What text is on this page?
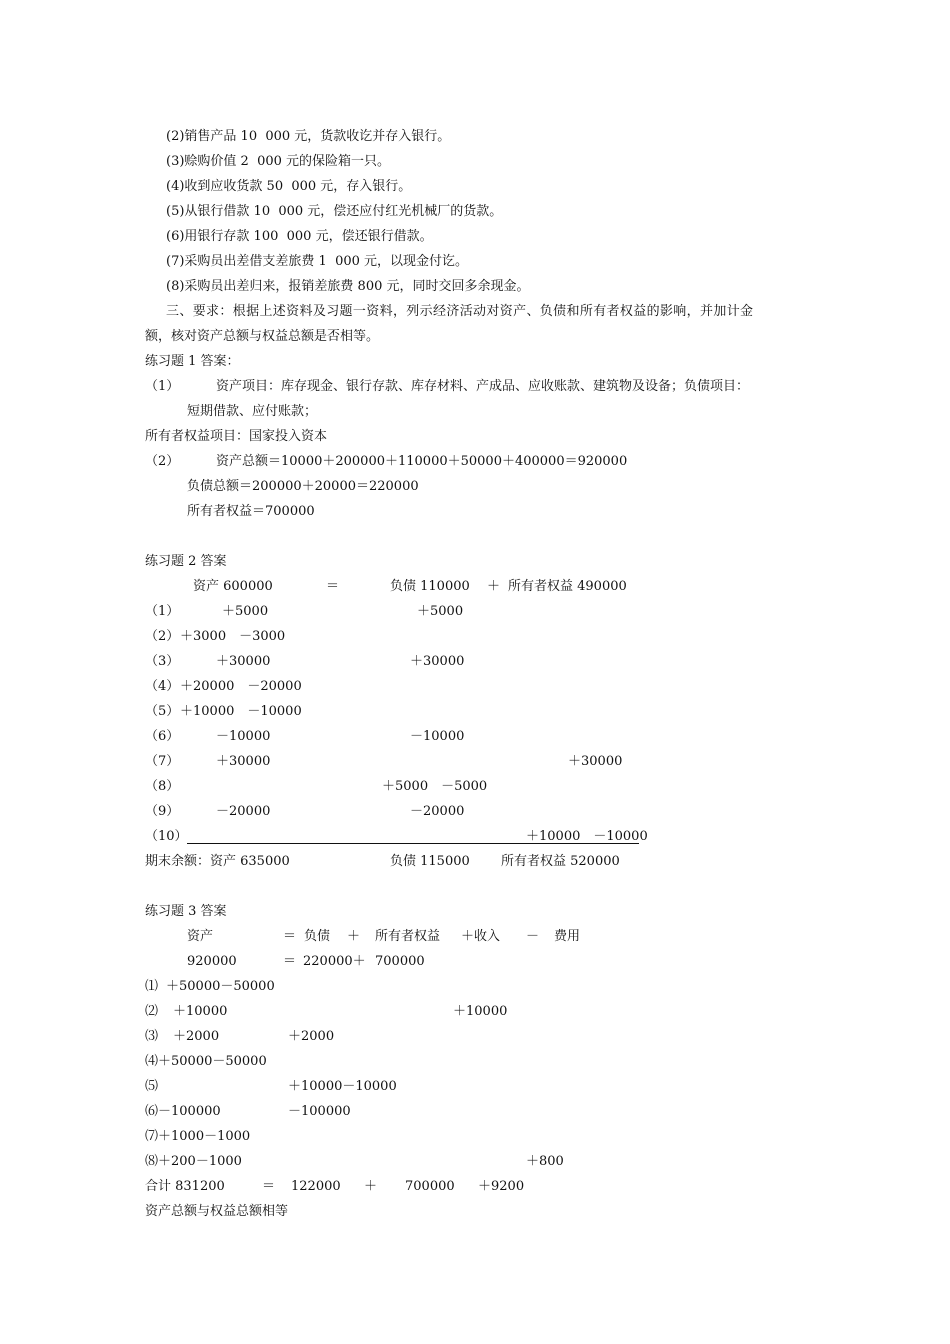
(2)销售产品 10  000 元，货款收讫并存入银行。
(3)赊购价值 2  000 元的保险箱一只。
(4)收到应收货款 50  000 元，存入银行。
(5)从银行借款 10  000 元，偿还应付红光机械厂的货款。
(6)用银行存款 100  000 元，偿还银行借款。
(7)采购员出差借支差旅费 1  000 元，以现金付讫。
(8)采购员出差归来，报销差旅费 800 元，同时交回多余现金。
三、要求：根据上述资料及习题一资料，列示经济活动对资产、负债和所有者权益的影响，并加计金
额，核对资产总额与权益总额是否相等。
练习题 1 答案：
（1）	资产项目：库存现金、银行存款、库存材料、产成品、应收账款、建筑物及设备；负债项目：
短期借款、应付账款；
所有者权益项目：国家投入资本
（2）	资产总额＝10000＋200000＋110000＋50000＋400000＝920000
负债总额＝200000＋20000＝220000
所有者权益＝700000
练习题 2 答案
资产 600000	＝	负债 110000 ＋ 所有者权益 490000
（1）	＋5000	＋5000
（2） ＋3000　－3000
（3）	＋30000	＋30000
（4） ＋20000　－20000
（5） ＋10000　－10000
（6）	－10000	－10000
（7）	＋30000	＋30000
（8）	＋5000　－5000
（9）	－20000	－20000
（10）	＋10000　－10000
期末余额：资产 635000	负债 115000 所有者权益 520000
练习题 3 答案
资产	＝ 负债 ＋ 所有者权益 ＋收入 － 费用
920000	＝ 220000＋ 700000
⑴ ＋50000－50000
⑵ ＋10000	＋10000
⑶ ＋2000	＋2000
⑷ ＋50000－50000
⑸	＋10000－10000
⑹ －100000	－100000
⑺ ＋1000－1000
⑻ ＋200－1000	＋800
合计 831200	＝ 122000 ＋ 700000 ＋9200
资产总额与权益总额相等
